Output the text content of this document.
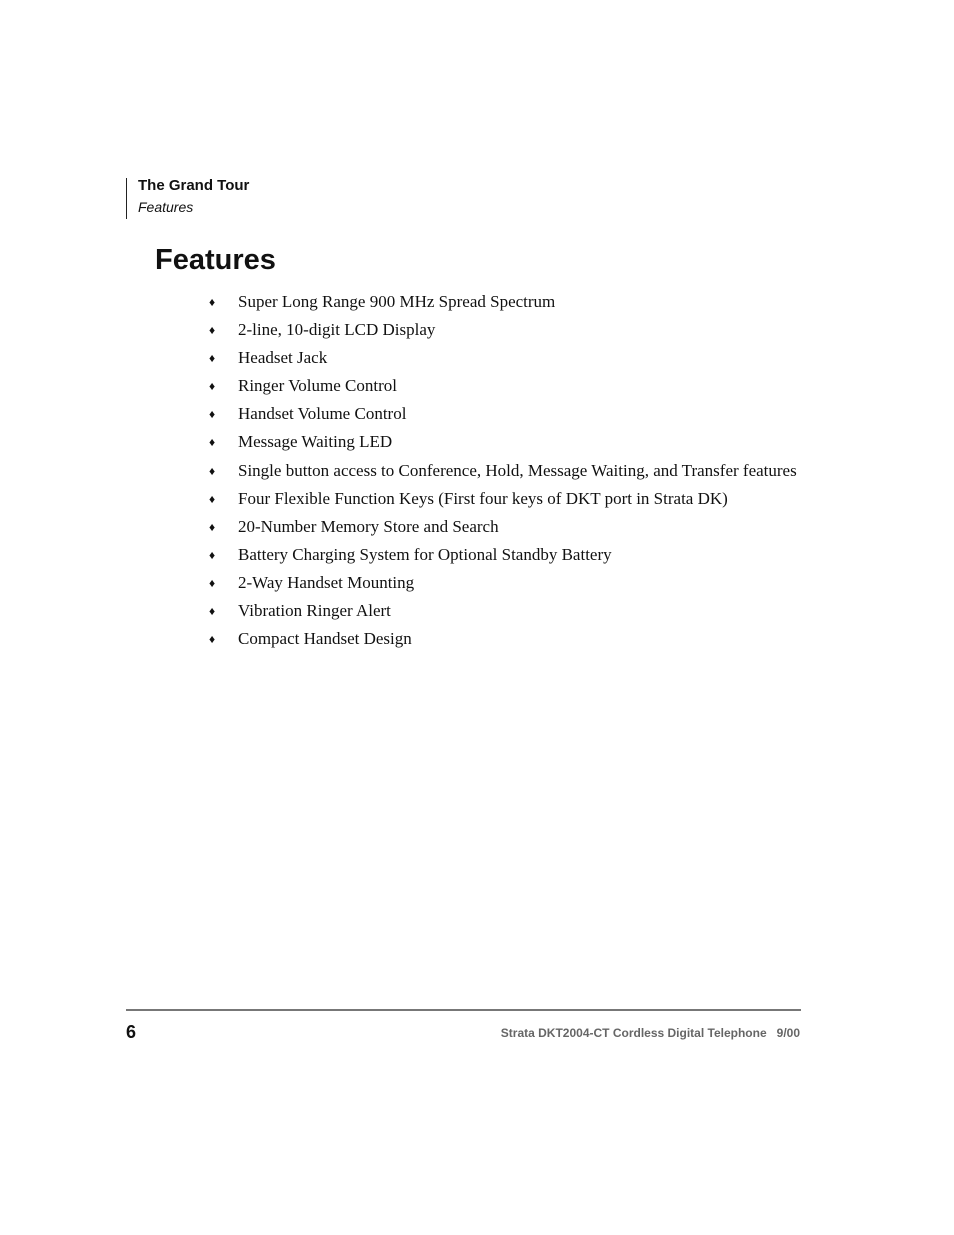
The Grand Tour
Features
Features
♦ Super Long Range 900 MHz Spread Spectrum
♦ 2-line, 10-digit LCD Display
♦ Headset Jack
♦ Ringer Volume Control
♦ Handset Volume Control
♦ Message Waiting LED
♦ Single button access to Conference, Hold, Message Waiting, and Transfer features
♦ Four Flexible Function Keys (First four keys of DKT port in Strata DK)
♦ 20-Number Memory Store and Search
♦ Battery Charging System for Optional Standby Battery
♦ 2-Way Handset Mounting
♦ Vibration Ringer Alert
♦ Compact Handset Design
6	Strata DKT2004-CT Cordless Digital Telephone 9/00
